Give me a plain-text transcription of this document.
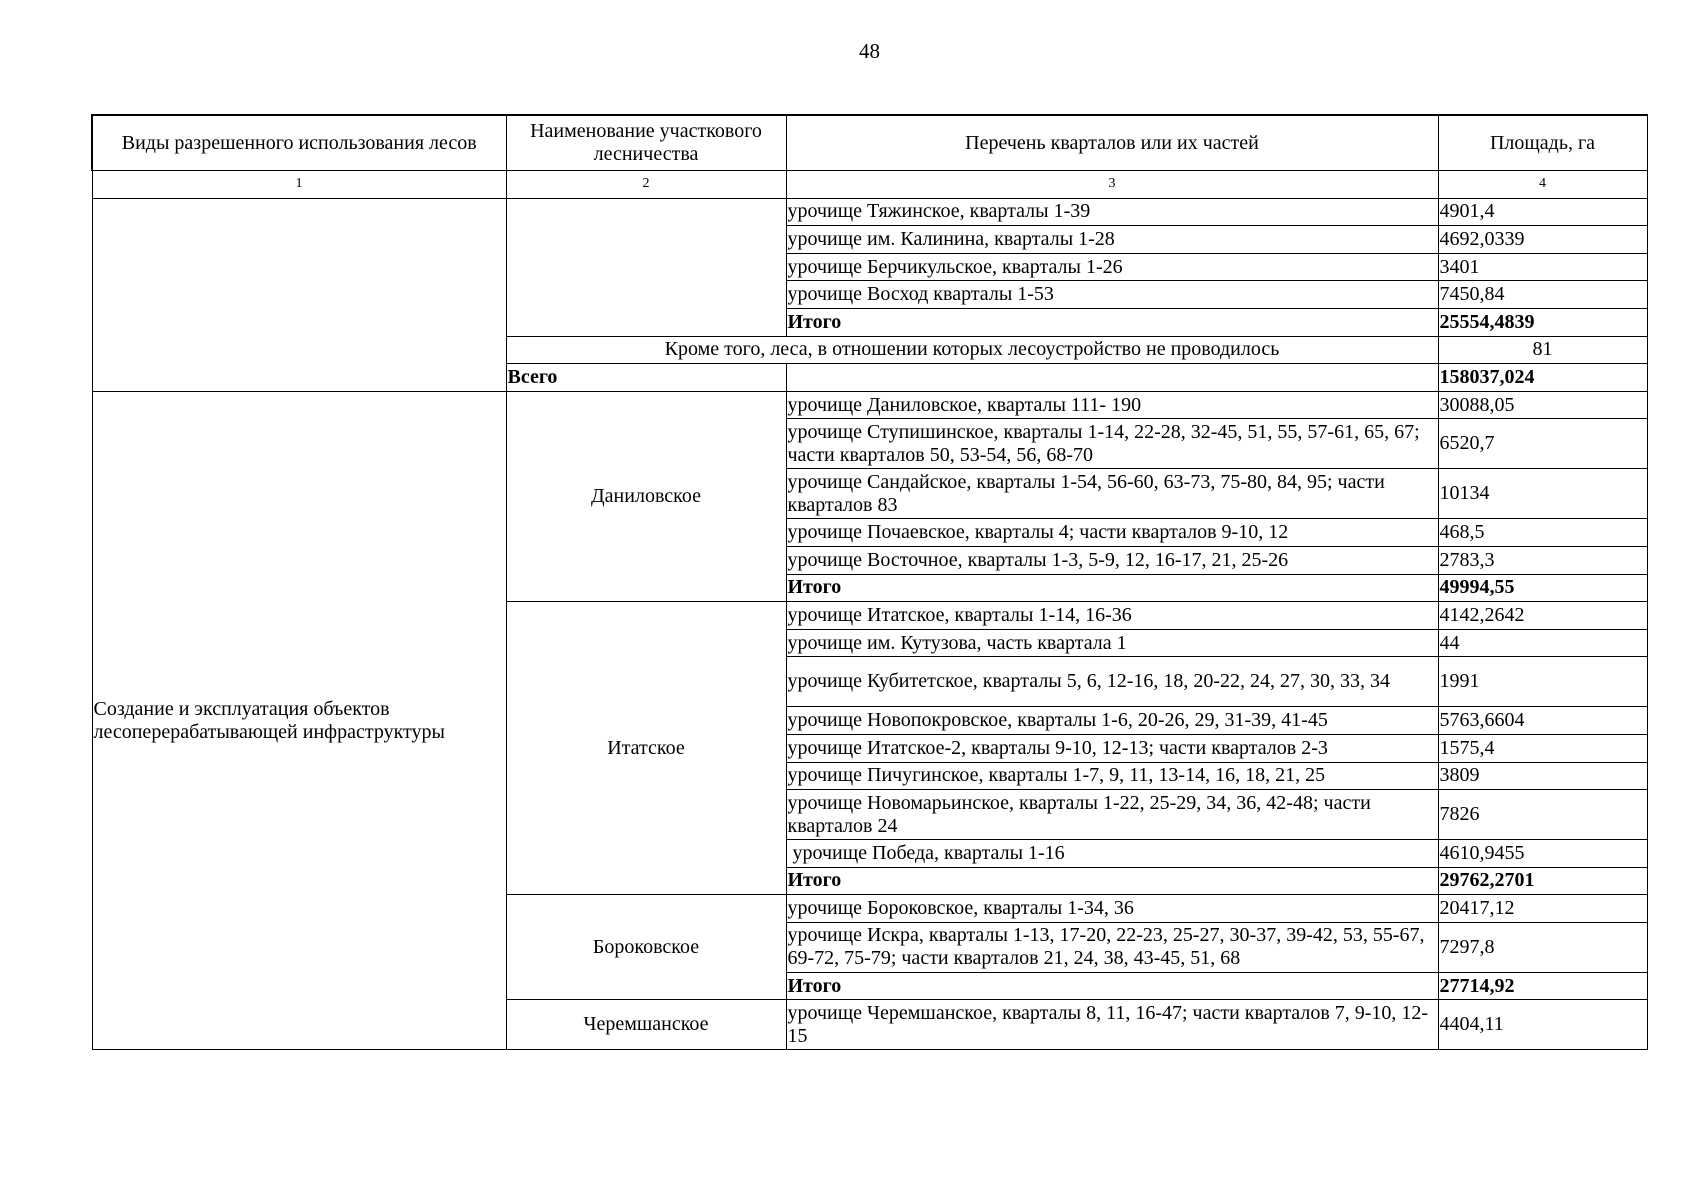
48
Виды разрешенного использования лесов	Наименование участкового лесничества	Перечень кварталов или их частей	Площадь, га
1	2	3	4
		урочище Тяжинское, кварталы 1-39	4901,4
		урочище им. Калинина, кварталы 1-28	4692,0339
		урочище Берчикульское, кварталы 1-26	3401
		урочище Восход кварталы 1-53	7450,84
		Итого	25554,4839
	Кроме того, леса, в отношении которых лесоустройство не проводилось		81
	Всего		158037,024
Создание и эксплуатация объектов лесоперерабатывающей инфраструктуры	Даниловское	урочище Даниловское, кварталы 111- 190	30088,05
		урочище Ступишинское, кварталы 1-14, 22-28, 32-45, 51, 55, 57-61, 65, 67; части кварталов 50, 53-54, 56, 68-70	6520,7
		урочище Сандайское, кварталы 1-54, 56-60, 63-73, 75-80, 84, 95; части кварталов 83	10134
		урочище Почаевское, кварталы 4; части кварталов 9-10, 12	468,5
		урочище Восточное, кварталы 1-3, 5-9, 12, 16-17, 21, 25-26	2783,3
		Итого	49994,55
	Итатское	урочище Итатское, кварталы 1-14, 16-36	4142,2642
		урочище им. Кутузова, часть квартала 1	44
		урочище Кубитетское, кварталы 5, 6, 12-16, 18, 20-22, 24, 27, 30, 33, 34	1991
		урочище Новопокровское, кварталы 1-6, 20-26, 29, 31-39, 41-45	5763,6604
		урочище Итатское-2, кварталы 9-10, 12-13; части кварталов 2-3	1575,4
		урочище Пичугинское, кварталы 1-7, 9, 11, 13-14, 16, 18, 21, 25	3809
		урочище Новомарьинское, кварталы 1-22, 25-29, 34, 36, 42-48; части кварталов 24	7826
		урочище Победа, кварталы 1-16	4610,9455
		Итого	29762,2701
	Бороковское	урочище Бороковское, кварталы 1-34, 36	20417,12
		урочище Искра, кварталы 1-13, 17-20, 22-23, 25-27, 30-37, 39-42, 53, 55-67, 69-72, 75-79; части кварталов 21, 24, 38, 43-45, 51, 68	7297,8
		Итого	27714,92
	Черемшанское	урочище Черемшанское, кварталы 8, 11, 16-47; части кварталов 7, 9-10, 12-15	4404,11
